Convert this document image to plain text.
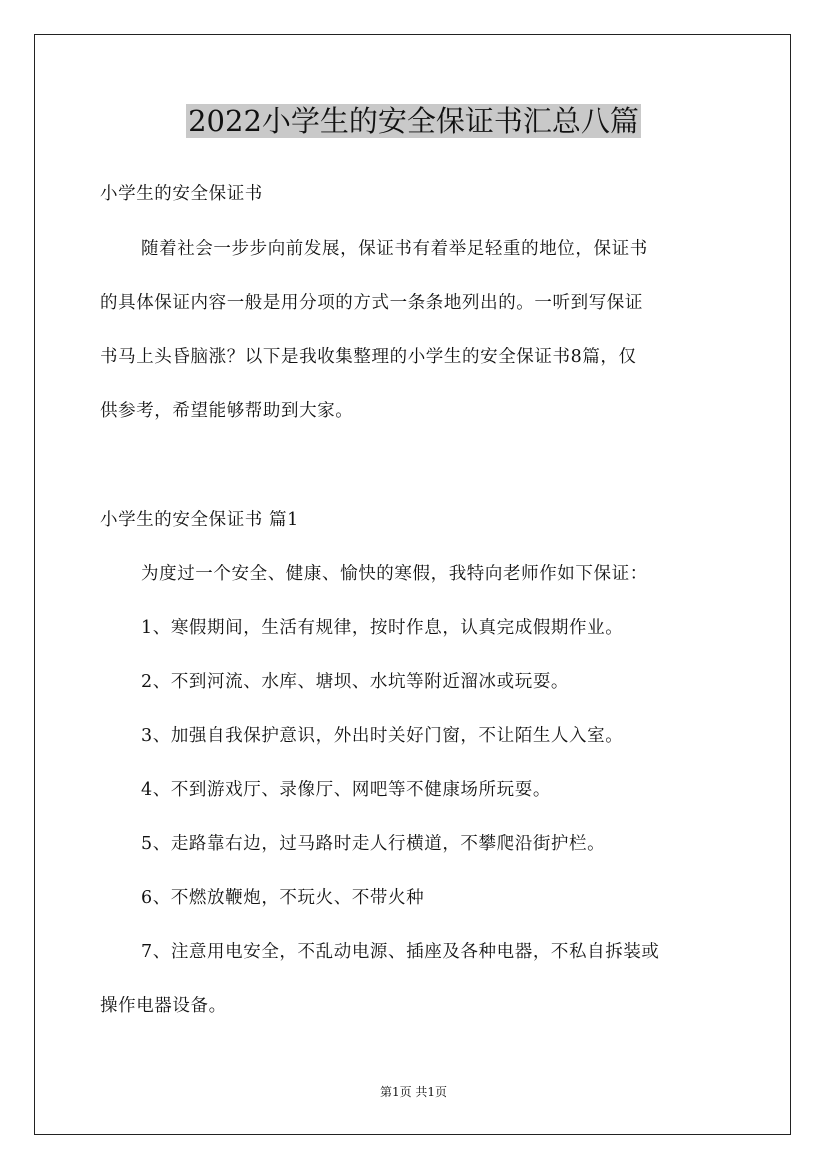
2022小学生的安全保证书汇总八篇
小学生的安全保证书
随着社会一步步向前发展，保证书有着举足轻重的地位，保证书
的具体保证内容一般是用分项的方式一条条地列出的。一听到写保证
书马上头昏脑涨？以下是我收集整理的小学生的安全保证书8篇，仅
供参考，希望能够帮助到大家。
小学生的安全保证书 篇1
为度过一个安全、健康、愉快的寒假，我特向老师作如下保证：
1、寒假期间，生活有规律，按时作息，认真完成假期作业。
2、不到河流、水库、塘坝、水坑等附近溜冰或玩耍。
3、加强自我保护意识，外出时关好门窗，不让陌生人入室。
4、不到游戏厅、录像厅、网吧等不健康场所玩耍。
5、走路靠右边，过马路时走人行横道，不攀爬沿街护栏。
6、不燃放鞭炮，不玩火、不带火种
7、注意用电安全，不乱动电源、插座及各种电器，不私自拆装或
操作电器设备。
第1页 共1页
